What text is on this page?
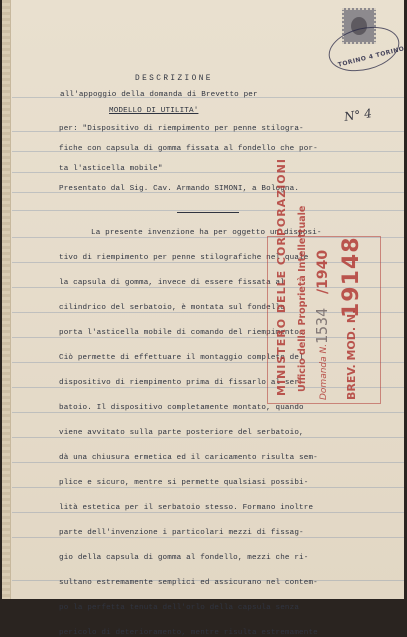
TORINO 4 TORINO
DESCRIZIONE
all'appoggio della domanda di Brevetto per
MODELLO DI UTILITA'	N° 4
per: "Dispositivo di riempimento per penne stilogra-
fiche con capsula di gomma fissata al fondello che por-
ta l'asticella mobile"
Presentato dal Sig. Cav. Armando SIMONI, a Bologna.
La presente invenzione ha per oggetto un disposi-
tivo di riempimento per penne stilografiche nel quale
la capsula di gomma, invece di essere fissata al
cilindrico del serbatoio, è montata sul fondello
porta l'asticella mobile di comando del riempimento.
Ciò permette di effettuare il montaggio completo del
dispositivo di riempimento prima di fissarlo al ser-
batoio. Il dispositivo completamente montato, quando
viene avvitato sulla parte posteriore del serbatoio,
dà una chiusura ermetica ed il caricamento risulta sem-
plice e sicuro, mentre si permette qualsiasi possibi-
lità estetica per il serbatoio stesso. Formano inoltre
parte dell'invenzione i particolari mezzi di fissag-
gio della capsula di gomma al fondello, mezzi che ri-
sultano estremamente semplici ed assicurano nel contem-
po la perfetta tenuta dell'orlo della capsula senza
pericolo di deterioramento, mentre risulta estremamente
MINISTERO DELLE CORPORAZIONI Ufficio della Proprietà Intellettuale Domanda N.
1534
/1940
BREV. MOD. N.
19148
